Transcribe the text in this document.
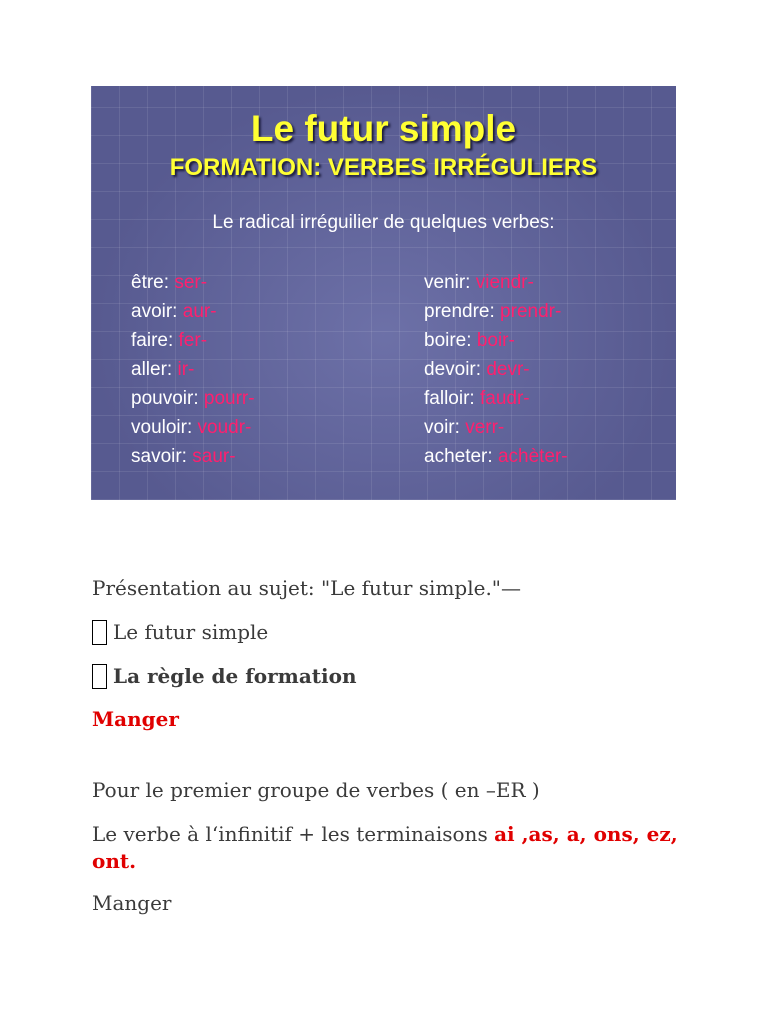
Le futur simple
FORMATION: VERBES IRRÉGULIERS
Le radical irréguilier de quelques verbes:
être: ser-
avoir: aur-
faire: fer-
aller: ir-
pouvoir: pourr-
vouloir: voudr-
savoir: saur-
venir: viendr-
prendre: prendr-
boire: boir-
devoir: devr-
falloir: faudr-
voir: verr-
acheter: achèter-
Présentation au sujet: "Le futur simple."—
Le futur simple
La règle de formation
Manger
Pour le premier groupe de verbes ( en –ER )
Le verbe à l‘infinitif + les terminaisons ai ,as, a, ons, ez, ont.
Manger
